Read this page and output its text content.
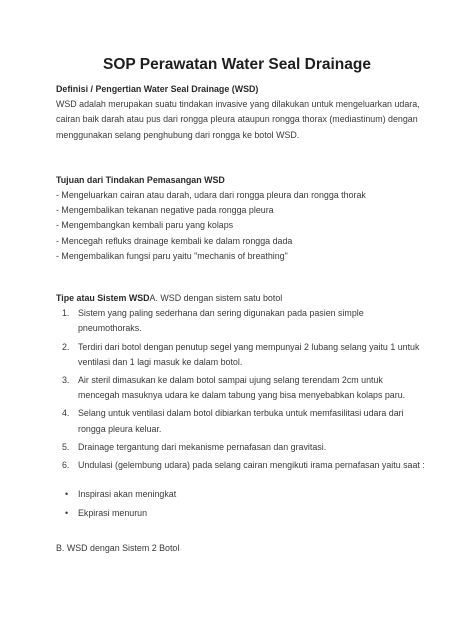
SOP Perawatan Water Seal Drainage

Definisi / Pengertian Water Seal Drainage (WSD)

WSD adalah merupakan suatu tindakan invasive yang dilakukan untuk mengeluarkan udara, cairan baik darah atau pus dari rongga pleura ataupun rongga thorax (mediastinum) dengan menggunakan selang penghubung dari rongga ke botol WSD.

Tujuan dari Tindakan Pemasangan WSD

- Mengeluarkan cairan atau darah, udara dari rongga pleura dan rongga thorak

- Mengembalikan tekanan negative pada rongga pleura

- Mengembangkan kembali paru yang kolaps

- Mencegah refluks drainage kembali ke dalam rongga dada

- Mengembalikan fungsi paru yaitu "mechanis of breathing"

Tipe atau Sistem WSDA. WSD dengan sistem satu botol

1. Sistem yang paling sederhana dan sering digunakan pada pasien simple pneumothoraks.
2. Terdiri dari botol dengan penutup segel yang mempunyai 2 lubang selang yaitu 1 untuk ventilasi dan 1 lagi masuk ke dalam botol.
3. Air steril dimasukan ke dalam botol sampai ujung selang terendam 2cm untuk mencegah masuknya udara ke dalam tabung yang bisa menyebabkan kolaps paru.
4. Selang untuk ventilasi dalam botol dibiarkan terbuka untuk memfasilitasi udara dari rongga pleura keluar.
5. Drainage tergantung dari mekanisme pernafasan dan gravitasi.
6. Undulasi (gelembung udara) pada selang cairan mengikuti irama pernafasan yaitu saat :
• Inspirasi akan meningkat
• Ekpirasi menurun

B. WSD dengan Sistem 2 Botol
